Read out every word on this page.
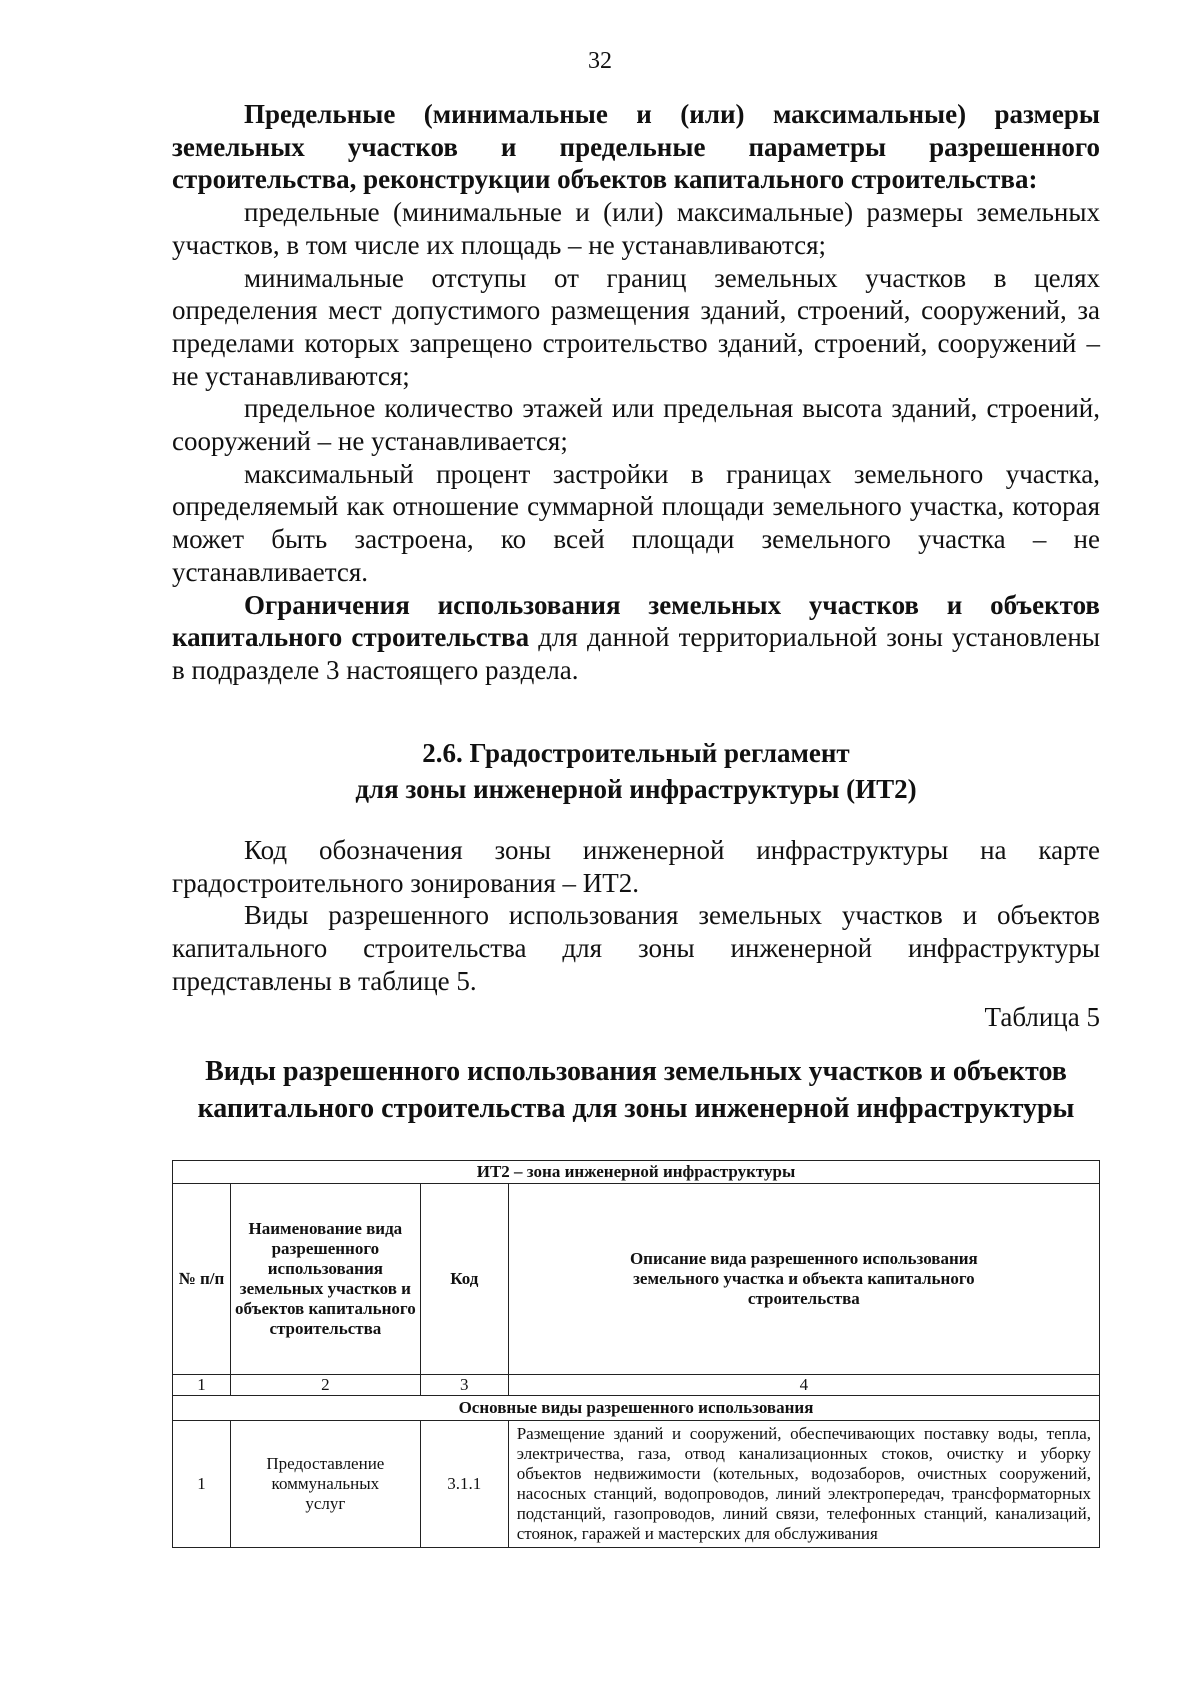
32

Предельные (минимальные и (или) максимальные) размеры земельных участков и предельные параметры разрешенного строительства, реконструкции объектов капитального строительства:

предельные (минимальные и (или) максимальные) размеры земельных участков, в том числе их площадь – не устанавливаются;

минимальные отступы от границ земельных участков в целях определения мест допустимого размещения зданий, строений, сооружений, за пределами которых запрещено строительство зданий, строений, сооружений – не устанавливаются;

предельное количество этажей или предельная высота зданий, строений, сооружений – не устанавливается;

максимальный процент застройки в границах земельного участка, определяемый как отношение суммарной площади земельного участка, которая может быть застроена, ко всей площади земельного участка – не устанавливается.

Ограничения использования земельных участков и объектов капитального строительства для данной территориальной зоны установлены в подразделе 3 настоящего раздела.

2.6. Градостроительный регламент
для зоны инженерной инфраструктуры (ИТ2)

Код обозначения зоны инженерной инфраструктуры на карте градостроительного зонирования – ИТ2.

Виды разрешенного использования земельных участков и объектов капитального строительства для зоны инженерной инфраструктуры представлены в таблице 5.

Таблица 5

Виды разрешенного использования земельных участков и объектов
капитального строительства для зоны инженерной инфраструктуры
ИТ2 – зона инженерной инфраструктуры			
№ п/п	Наименование вида разрешенного использования земельных участков и объектов капитального строительства	Код	Описание вида разрешенного использования земельного участка и объекта капитального строительства
1	2	3	4
Основные виды разрешенного использования			
1	Предоставление коммунальных услуг	3.1.1	Размещение зданий и сооружений, обеспечивающих поставку воды, тепла, электричества, газа, отвод канализационных стоков, очистку и уборку объектов недвижимости (котельных, водозаборов, очистных сооружений, насосных станций, водопроводов, линий электропередач, трансформаторных подстанций, газопроводов, линий связи, телефонных станций, канализаций, стоянок, гаражей и мастерских для обслуживания
